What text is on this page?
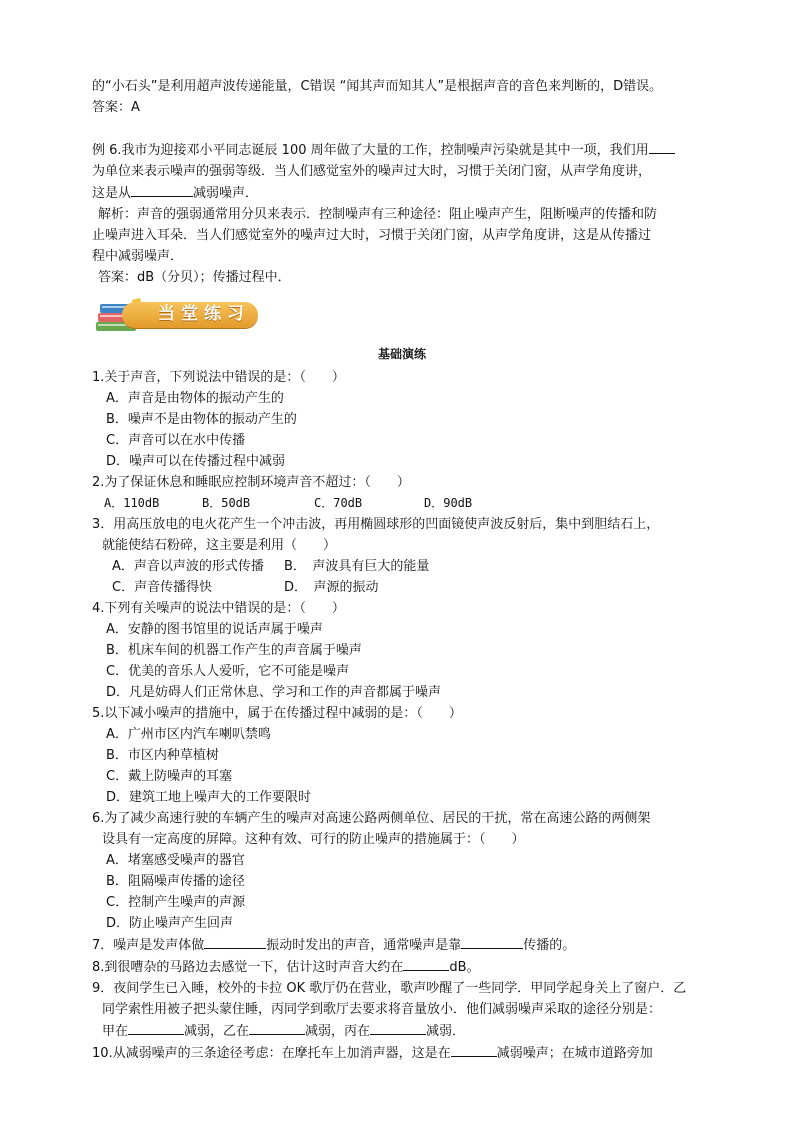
的“小石头”是利用超声波传递能量，C错误 “闻其声而知其人”是根据声音的音色来判断的，D错误。

答案：A

例 6.我市为迎接邓小平同志诞辰 100 周年做了大量的工作，控制噪声污染就是其中一项，我们用

为单位来表示噪声的强弱等级．当人们感觉室外的噪声过大时，习惯于关闭门窗，从声学角度讲，

这是从	减弱噪声．

解析：声音的强弱通常用分贝来表示．控制噪声有三种途径：阻止噪声产生，阻断噪声的传播和防

止噪声进入耳朵．当人们感觉室外的噪声过大时，习惯于关闭门窗，从声学角度讲，这是从传播过

程中减弱噪声．

答案：dB（分贝）；传播过程中．

当堂练习
基础演练

1.关于声音，下列说法中错误的是：（　　）

A．声音是由物体的振动产生的

B．噪声不是由物体的振动产生的

C．声音可以在水中传播

D．噪声可以在传播过程中减弱

2.为了保证休息和睡眠应控制环境声音不超过：（　　）

A．110dB	B．50dB	C．70dB	D．90dB

3．用高压放电的电火花产生一个冲击波，再用椭圆球形的凹面镜使声波反射后，集中到胆结石上，

就能使结石粉碎，这主要是利用（　　）

A．声音以声波的形式传播 B．　声波具有巨大的能量

C．声音传播得快	D．　声源的振动

4.下列有关噪声的说法中错误的是：（　　）

A．安静的图书馆里的说话声属于噪声

B．机床车间的机器工作产生的声音属于噪声

C．优美的音乐人人爱听，它不可能是噪声

D．凡是妨碍人们正常休息、学习和工作的声音都属于噪声

5.以下减小噪声的措施中，属于在传播过程中减弱的是：（　　）

A．广州市区内汽车喇叭禁鸣

B．市区内种草植树

C．戴上防噪声的耳塞

D．建筑工地上噪声大的工作要限时

6.为了减少高速行驶的车辆产生的噪声对高速公路两侧单位、居民的干扰，常在高速公路的两侧架

设具有一定高度的屏障。这种有效、可行的防止噪声的措施属于：（　　）

A．堵塞感受噪声的器官

B．阻隔噪声传播的途径

C．控制产生噪声的声源

D．防止噪声产生回声

7．噪声是发声体做	振动时发出的声音，通常噪声是靠	传播的。

8.到很嘈杂的马路边去感觉一下，估计这时声音大约在	dB。

9．夜间学生已入睡，校外的卡拉 OK 歌厅仍在营业，歌声吵醒了一些同学．甲同学起身关上了窗户．乙

同学索性用被子把头蒙住睡，丙同学到歌厅去要求将音量放小．他们减弱噪声采取的途径分别是：

甲在	减弱，乙在	减弱，丙在	减弱．

10.从减弱噪声的三条途径考虑：在摩托车上加消声器，这是在	减弱噪声；在城市道路旁加
